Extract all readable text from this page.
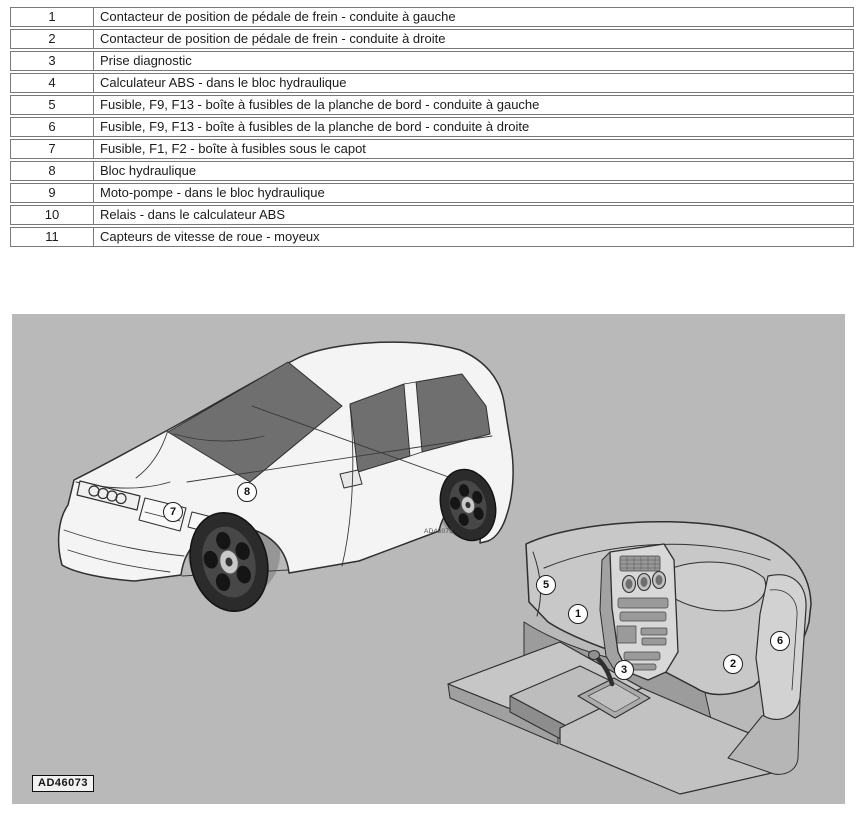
1	Contacteur de position de pédale de frein - conduite à gauche
2	Contacteur de position de pédale de frein - conduite à droite
3	Prise diagnostic
4	Calculateur ABS - dans le bloc hydraulique
5	Fusible, F9, F13 - boîte à fusibles de la planche de bord - conduite à gauche
6	Fusible, F9, F13 - boîte à fusibles de la planche de bord - conduite à droite
7	Fusible, F1, F2 - boîte à fusibles sous le capot
8	Bloc hydraulique
9	Moto-pompe - dans le bloc hydraulique
10	Relais - dans le calculateur ABS
11	Capteurs de vitesse de roue - moyeux
AD46073
AD46073
7
8
5
1
3	2
6
